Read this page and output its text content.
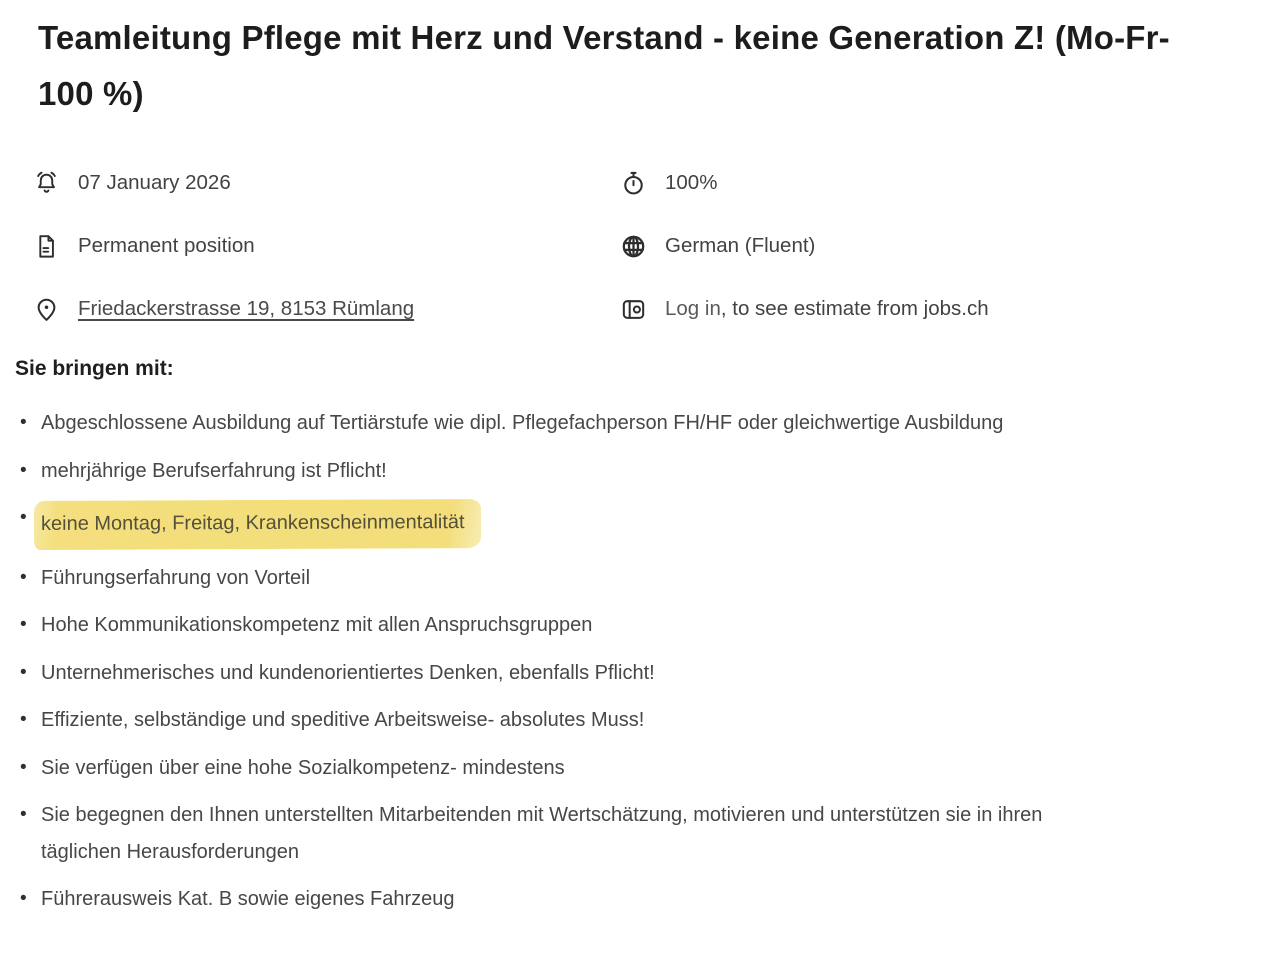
Teamleitung Pflege mit Herz und Verstand - keine Generation Z! (Mo-Fr- 100 %)
07 January 2026	100%
Permanent position	German (Fluent)
Friedackerstrasse 19, 8153 Rümlang	Log in, to see estimate from jobs.ch
Sie bringen mit:
• Abgeschlossene Ausbildung auf Tertiärstufe wie dipl. Pflegefachperson FH/HF oder gleichwertige Ausbildung
• mehrjährige Berufserfahrung ist Pflicht!
• keine Montag, Freitag, Krankenscheinmentalität
• Führungserfahrung von Vorteil
• Hohe Kommunikationskompetenz mit allen Anspruchsgruppen
• Unternehmerisches und kundenorientiertes Denken, ebenfalls Pflicht!
• Effiziente, selbständige und speditive Arbeitsweise- absolutes Muss!
• Sie verfügen über eine hohe Sozialkompetenz- mindestens
• Sie begegnen den Ihnen unterstellten Mitarbeitenden mit Wertschätzung, motivieren und unterstützen sie in ihren täglichen Herausforderungen
• Führerausweis Kat. B sowie eigenes Fahrzeug
